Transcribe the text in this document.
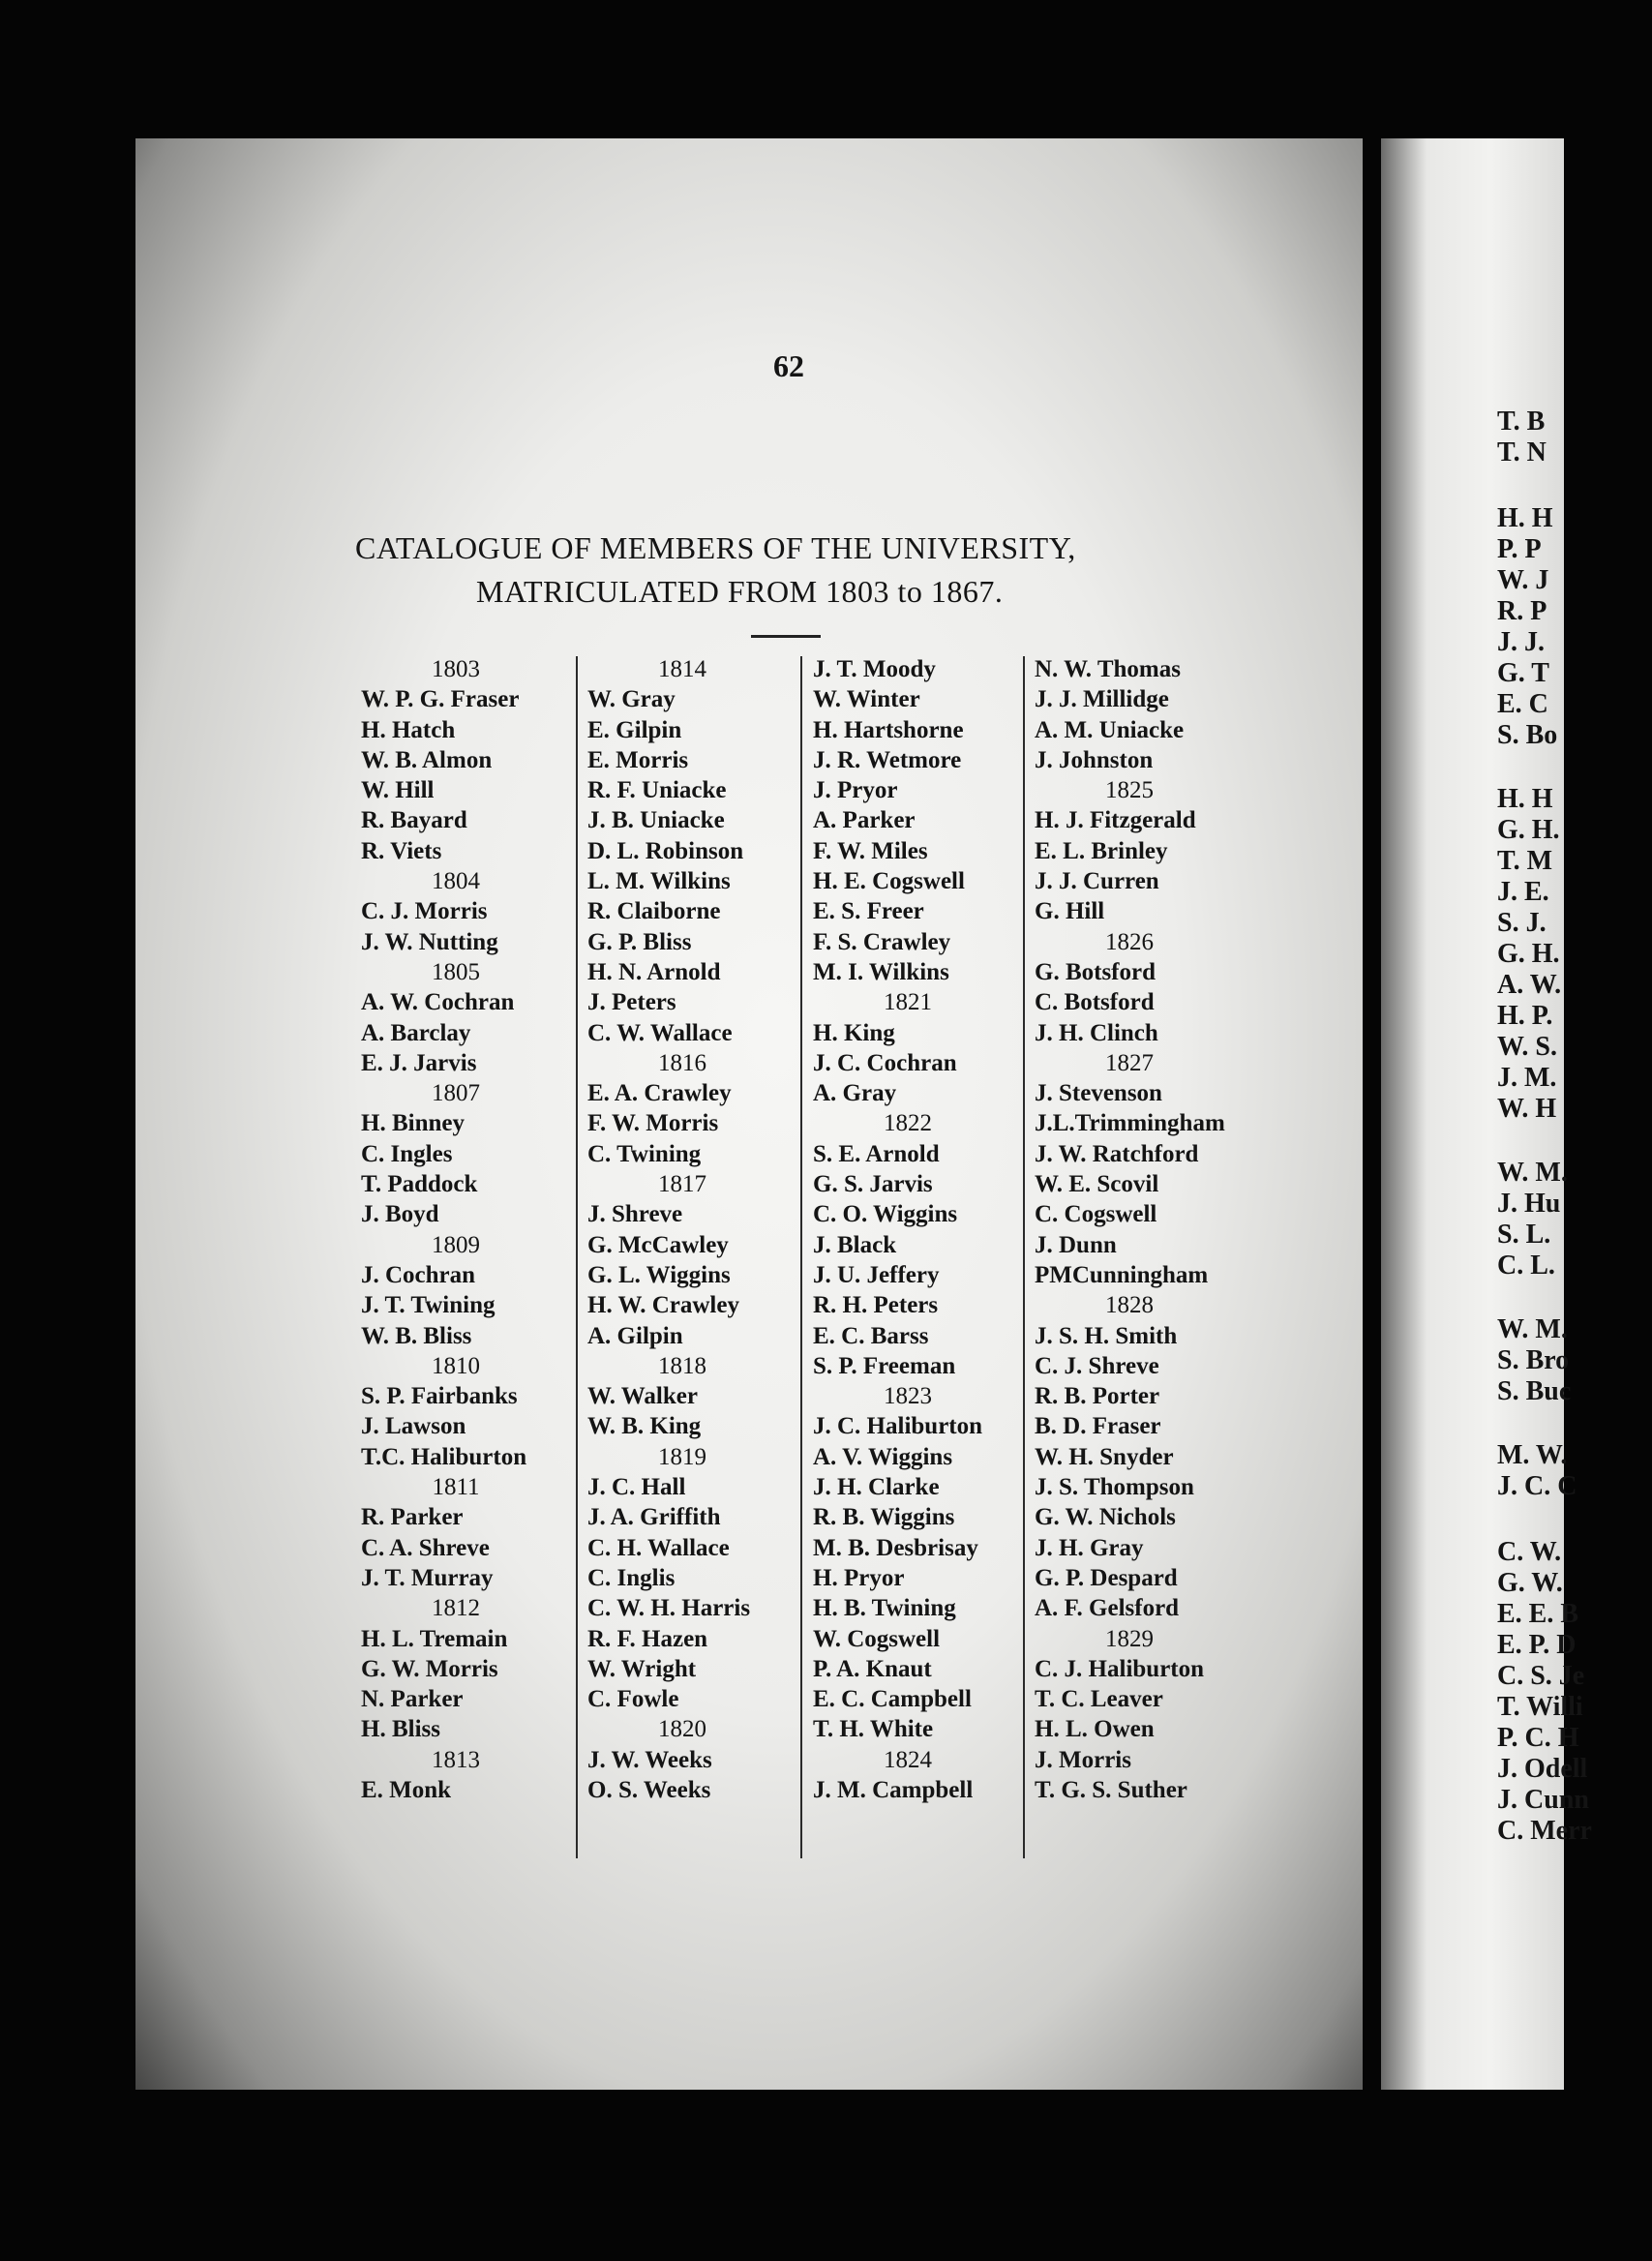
T. B
T. N
H. H
P. P
W. J
R. P
J. J.
G. T
E. C
S. Bo
H. H
G. H.
T. M
J. E.
S. J.
G. H.
A. W.
H. P.
W. S.
J. M.
W. H
W. M.
J. Hu
S. L.
C. L.
W. M.
S. Bro
S. Buc
M. W.
J. C. C
C. W.
G. W.
E. E. B
E. P. D
C. S. Je
T. Willi
P. C. H
J. Odell
J. Cunn
C. Merr
62
CATALOGUE OF MEMBERS OF THE UNIVERSITY,
MATRICULATED FROM 1803 to 1867.
1803
W. P. G. Fraser
H. Hatch
W. B. Almon
W. Hill
R. Bayard
R. Viets
1804
C. J. Morris
J. W. Nutting
1805
A. W. Cochran
A. Barclay
E. J. Jarvis
1807
H. Binney
C. Ingles
T. Paddock
J. Boyd
1809
J. Cochran
J. T. Twining
W. B. Bliss
1810
S. P. Fairbanks
J. Lawson
T.C. Haliburton
1811
R. Parker
C. A. Shreve
J. T. Murray
1812
H. L. Tremain
G. W. Morris
N. Parker
H. Bliss
1813
E. Monk
1814
W. Gray
E. Gilpin
E. Morris
R. F. Uniacke
J. B. Uniacke
D. L. Robinson
L. M. Wilkins
R. Claiborne
G. P. Bliss
H. N. Arnold
J. Peters
C. W. Wallace
1816
E. A. Crawley
F. W. Morris
C. Twining
1817
J. Shreve
G. McCawley
G. L. Wiggins
H. W. Crawley
A. Gilpin
1818
W. Walker
W. B. King
1819
J. C. Hall
J. A. Griffith
C. H. Wallace
C. Inglis
C. W. H. Harris
R. F. Hazen
W. Wright
C. Fowle
1820
J. W. Weeks
O. S. Weeks
J. T. Moody
W. Winter
H. Hartshorne
J. R. Wetmore
J. Pryor
A. Parker
F. W. Miles
H. E. Cogswell
E. S. Freer
F. S. Crawley
M. I. Wilkins
1821
H. King
J. C. Cochran
A. Gray
1822
S. E. Arnold
G. S. Jarvis
C. O. Wiggins
J. Black
J. U. Jeffery
R. H. Peters
E. C. Barss
S. P. Freeman
1823
J. C. Haliburton
A. V. Wiggins
J. H. Clarke
R. B. Wiggins
M. B. Desbrisay
H. Pryor
H. B. Twining
W. Cogswell
P. A. Knaut
E. C. Campbell
T. H. White
1824
J. M. Campbell
N. W. Thomas
J. J. Millidge
A. M. Uniacke
J. Johnston
1825
H. J. Fitzgerald
E. L. Brinley
J. J. Curren
G. Hill
1826
G. Botsford
C. Botsford
J. H. Clinch
1827
J. Stevenson
J.L.Trimmingham
J. W. Ratchford
W. E. Scovil
C. Cogswell
J. Dunn
PMCunningham
1828
J. S. H. Smith
C. J. Shreve
R. B. Porter
B. D. Fraser
W. H. Snyder
J. S. Thompson
G. W. Nichols
J. H. Gray
G. P. Despard
A. F. Gelsford
1829
C. J. Haliburton
T. C. Leaver
H. L. Owen
J. Morris
T. G. S. Suther
